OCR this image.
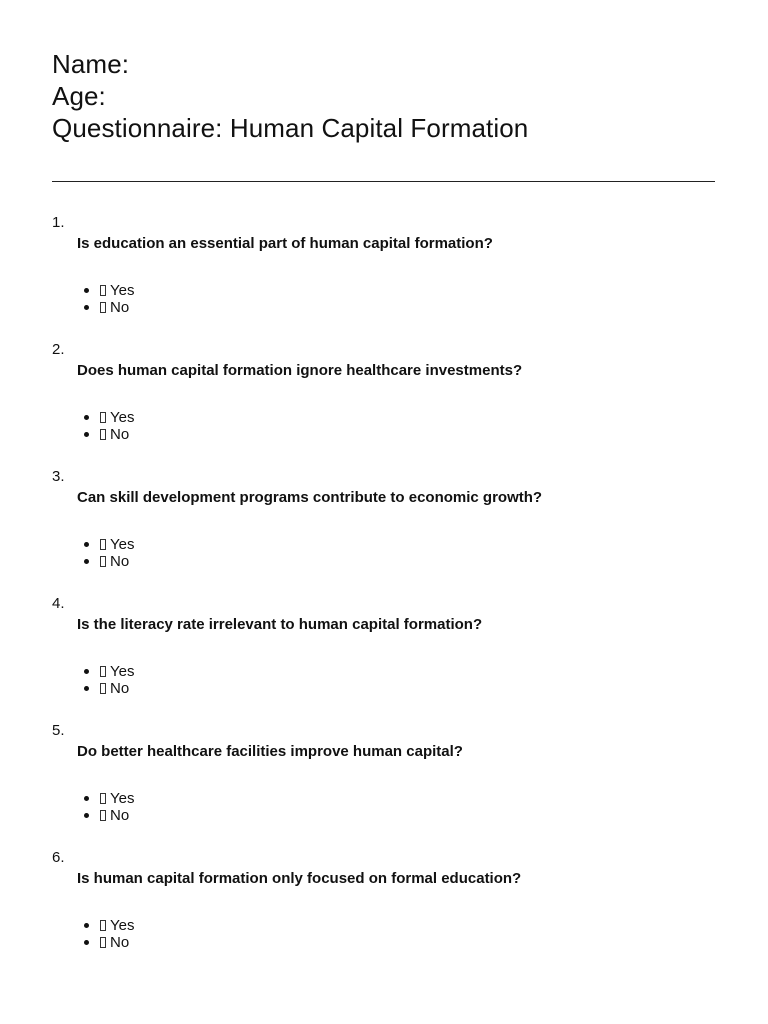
Name:
Age:
Questionnaire: Human Capital Formation
1.
Is education an essential part of human capital formation?
Yes
No
2.
Does human capital formation ignore healthcare investments?
Yes
No
3.
Can skill development programs contribute to economic growth?
Yes
No
4.
Is the literacy rate irrelevant to human capital formation?
Yes
No
5.
Do better healthcare facilities improve human capital?
Yes
No
6.
Is human capital formation only focused on formal education?
Yes
No
